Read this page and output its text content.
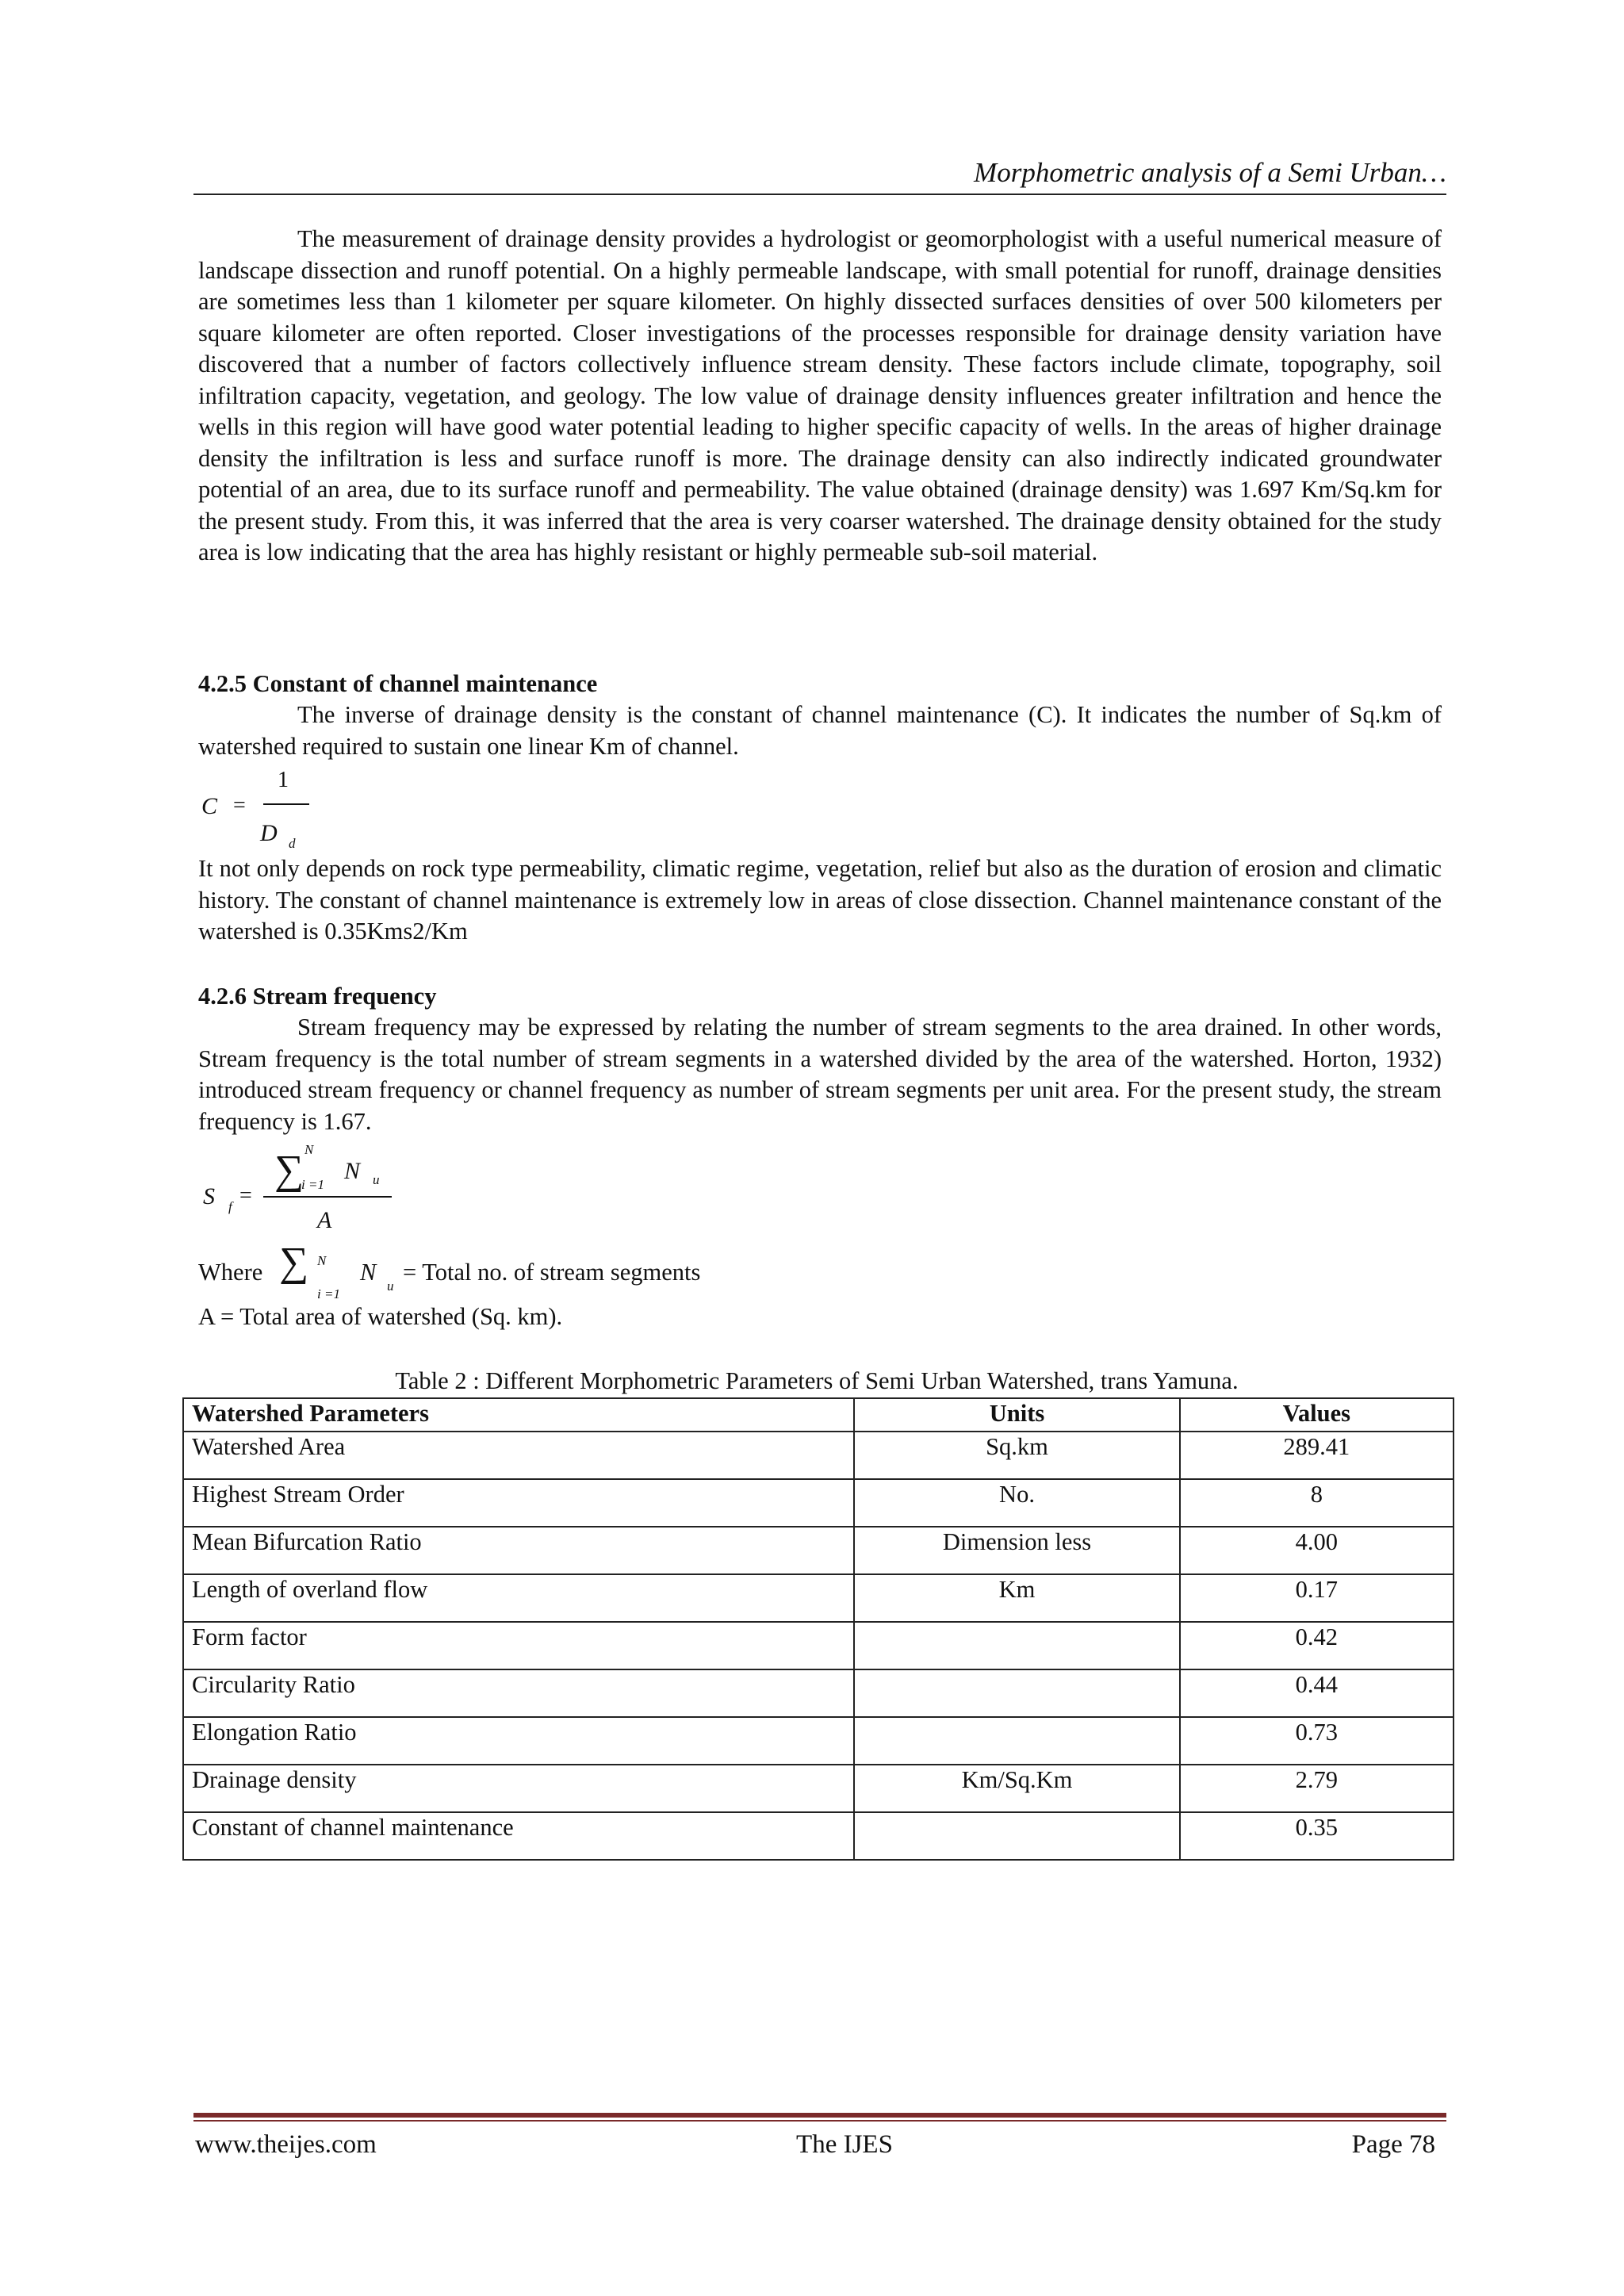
Morphometric analysis of a Semi Urban…

The measurement of drainage density provides a hydrologist or geomorphologist with a useful numerical measure of landscape dissection and runoff potential. On a highly permeable landscape, with small potential for runoff, drainage densities are sometimes less than 1 kilometer per square kilometer. On highly dissected surfaces densities of over 500 kilometers per square kilometer are often reported. Closer investigations of the processes responsible for drainage density variation have discovered that a number of factors collectively influence stream density. These factors include climate, topography, soil infiltration capacity, vegetation, and geology. The low value of drainage density influences greater infiltration and hence the wells in this region will have good water potential leading to higher specific capacity of wells. In the areas of higher drainage density the infiltration is less and surface runoff is more. The drainage density can also indirectly indicated groundwater potential of an area, due to its surface runoff and permeability. The value obtained (drainage density) was 1.697 Km/Sq.km for the present study. From this, it was inferred that the area is very coarser watershed. The drainage density obtained for the study area is low indicating that the area has highly resistant or highly permeable sub-soil material.

4.2.5 Constant of channel maintenance

The inverse of drainage density is the constant of channel maintenance (C). It indicates the number of Sq.km of watershed required to sustain one linear Km of channel.

C =
1
D d

It not only depends on rock type permeability, climatic regime, vegetation, relief but also as the duration of erosion and climatic history. The constant of channel maintenance is extremely low in areas of close dissection. Channel maintenance constant of the watershed is 0.35Kms2/Km

4.2.6 Stream frequency

Stream frequency may be expressed by relating the number of stream segments to the area drained. In other words, Stream frequency is the total number of stream segments in a watershed divided by the area of the watershed. Horton, 1932) introduced stream frequency or channel frequency as number of stream segments per unit area. For the present study, the stream frequency is 1.67.

S f =
N
∑
i =1
N u
A
Where	N
∑
i =1
N
u
= Total no. of stream segments
A = Total area of watershed (Sq. km).
Table 2 : Different Morphometric Parameters of Semi Urban Watershed, trans Yamuna.
Watershed Parameters	Units	Values
Watershed Area	Sq.km	289.41
Highest Stream Order	No.	8
Mean Bifurcation Ratio	Dimension less	4.00
Length of overland flow	Km	0.17
Form factor		0.42
Circularity Ratio		0.44
Elongation Ratio		0.73
Drainage density	Km/Sq.Km	2.79
Constant of channel maintenance		0.35
www.theijes.com	The IJES	Page 78
